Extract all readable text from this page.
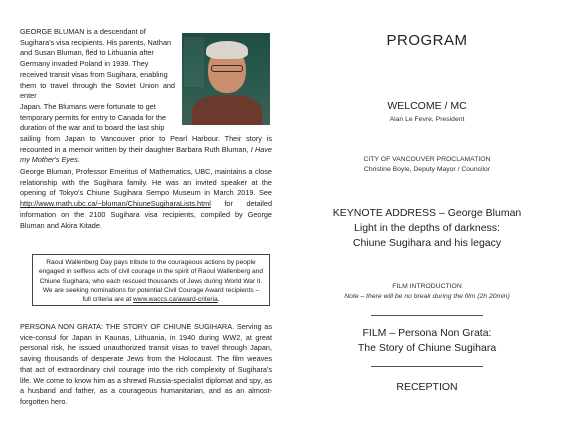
GEORGE BLUMAN is a descendant of
Sugihara's visa recipients. His parents, Nathan
and Susan Bluman, fled to Lithuania after
Germany invaded Poland in 1939. They
received transit visas from Sugihara, enabling
them to travel through the Soviet Union and enter
Japan. The Blumans were fortunate to get
temporary permits for entry to Canada for the
duration of the war and to board the last ship
sailing from Japan to Vancouver prior to Pearl Harbour. Their story is recounted in a memoir written by their daughter Barbara Ruth Bluman, I Have my Mother's Eyes.
George Bluman, Professor Emeritus of Mathematics, UBC, maintains a close relationship with the Sugihara family. He was an invited speaker at the opening of Tokyo's Chiune Sugihara Sempo Museum in March 2019. See http://www.math.ubc.ca/~bluman/ChiuneSugiharaLists.html for detailed information on the 2100 Sugihara visa recipients, compiled by George Bluman and Akira Kitade.
Raoul Wallenberg Day pays tribute to the courageous actions by people engaged in selfless acts of civil courage in the spirit of Raoul Wallenberg and Chiune Sugihara, who each rescued thousands of Jews during World War II. We are seeking nominations for potential Civil Courage Award recipients – full criteria are at www.waccs.ca/award-criteria.
PERSONA NON GRATA: THE STORY OF CHIUNE SUGIHARA. Serving as vice-consul for Japan in Kaunas, Lithuania, in 1940 during WW2, at great personal risk, he issued unauthorized transit visas to travel through Japan, saving thousands of desperate Jews from the Holocaust. The film weaves that act of extraordinary civil courage into the rich complexity of Sugihara's life. We come to know him as a shrewd Russia-specialist diplomat and spy, as a husband and father, as a courageous humanitarian, and as an almost-forgotten hero.
PROGRAM
WELCOME / MC
Alan Le Fevre, President
CITY OF VANCOUVER PROCLAMATION
Christine Boyle, Deputy Mayor / Councilor
KEYNOTE ADDRESS – George Bluman
Light in the depths of darkness:
Chiune Sugihara and his legacy
FILM INTRODUCTION
Note – there will be no break during the film (2h 20min)
FILM – Persona Non Grata:
The Story of Chiune Sugihara
RECEPTION
